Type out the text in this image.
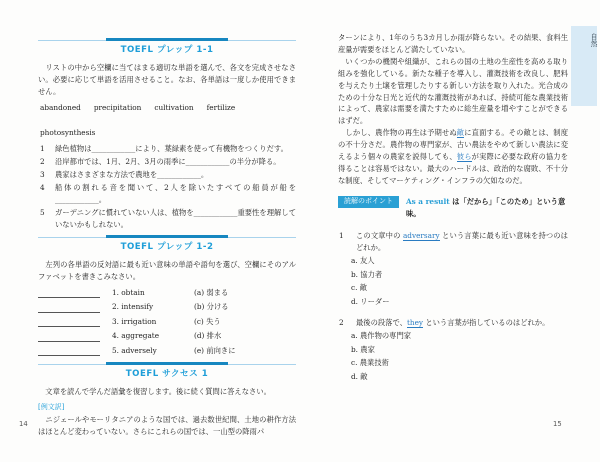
TOEFL プレップ 1-1
　リストの中から空欄に当てはまる適切な単語を選んで、各文を完成させなさい。必要に応じて単語を活用させること。なお、各単語は一度しか使用できません。
abandoned precipitation cultivation fertilize
photosynthesis
1	緑色植物は____________により、葉緑素を使って有機物をつくりだす。
2	沿岸都市では、1月、2月、3月の雨季に____________の半分が降る。
3	農家はさまざまな方法で農地を____________。
4	船体の割れる音を聞いて、2人を除いたすべての船員が船を____________。
5	ガーデニングに慣れていない人は、植物を____________重要性を理解していないかもしれない。
TOEFL プレップ 1-2
　左列の各単語の反対語に最も近い意味の単語や語句を選び、空欄にそのアルファベットを書きこみなさい。
1. obtain	(a) 弱まる
2. intensify	(b) 分ける
3. irrigation	(c) 失う
4. aggregate	(d) 排水
5. adversely	(e) 前向きに
TOEFL サクセス 1
　文章を読んで学んだ語彙を復習します。後に続く質問に答えなさい。
[例文訳]
　ニジェールやモーリタニアのような国では、過去数世紀間、土地の耕作方法はほとんど変わっていない。さらにこれらの国では、一山型の降雨パ
ターンにより、1年のうち3カ月しか雨が降らない。その結果、食料生産量が需要をほとんど満たしていない。
　いくつかの機関や組織が、これらの国の土地の生産性を高める取り組みを強化している。新たな種子を導入し、灌漑技術を改良し、肥料を与えたり土壌を管理したりする新しい方法を取り入れた。光合成のための十分な日光と近代的な灌漑技術があれば、持続可能な農業技術によって、農家は需要を満たすために総生産量を増やすことができるはずだ。
　しかし、農作物の再生は予期せぬ敵に直面する。その敵とは、制度の不十分さだ。農作物の専門家が、古い農法をやめて新しい農法に変えるよう個々の農家を説得しても、彼らが実際に必要な政府の協力を得ることは容易ではない。最大のハードルは、政治的な腐敗、不十分な制度、そしてマーケティング・インフラの欠如なのだ。
読解のポイント	As a result は「だから」「このため」という意味。
1	この文章中の adversary という言葉に最も近い意味を持つのはどれか。
a. 友人
b. 協力者
c. 敵
d. リーダー
2	最後の段落で、they という言葉が指しているのはどれか。
a. 農作物の専門家
b. 農家
c. 農業技術
d. 敵
自然
14	15
